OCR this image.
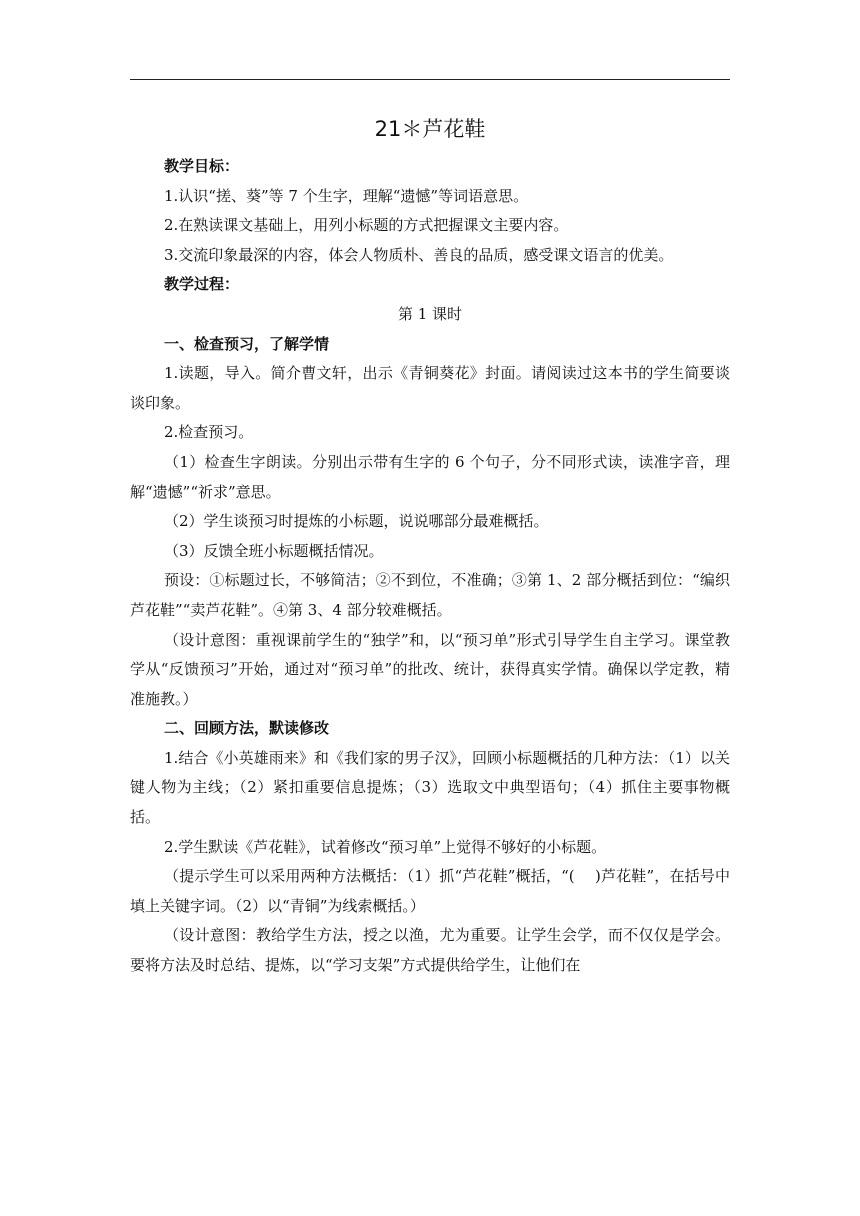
21＊芦花鞋

教学目标：

1.认识“搓、葵”等 7 个生字，理解“遗憾”等词语意思。

2.在熟读课文基础上，用列小标题的方式把握课文主要内容。

3.交流印象最深的内容，体会人物质朴、善良的品质，感受课文语言的优美。

教学过程：

第 1 课时

一、检查预习，了解学情

1.读题，导入。简介曹文轩，出示《青铜葵花》封面。请阅读过这本书的学生简要谈谈印象。

2.检查预习。

（1）检查生字朗读。分别出示带有生字的 6 个句子，分不同形式读，读准字音，理解“遗憾”“祈求”意思。

（2）学生谈预习时提炼的小标题，说说哪部分最难概括。

（3）反馈全班小标题概括情况。

预设：①标题过长，不够简洁；②不到位，不准确；③第 1、2 部分概括到位：“编织芦花鞋”“卖芦花鞋”。④第 3、4 部分较难概括。

（设计意图：重视课前学生的“独学”和，以“预习单”形式引导学生自主学习。课堂教学从“反馈预习”开始，通过对“预习单”的批改、统计，获得真实学情。确保以学定教，精准施教。）

二、回顾方法，默读修改

1.结合《小英雄雨来》和《我们家的男子汉》，回顾小标题概括的几种方法：（1）以关键人物为主线；（2）紧扣重要信息提炼；（3）选取文中典型语句；（4）抓住主要事物概括。

2.学生默读《芦花鞋》，试着修改“预习单”上觉得不够好的小标题。

（提示学生可以采用两种方法概括：（1）抓“芦花鞋”概括，“(　 )芦花鞋”，在括号中填上关键字词。（2）以“青铜”为线索概括。）

（设计意图：教给学生方法，授之以渔，尤为重要。让学生会学，而不仅仅是学会。要将方法及时总结、提炼，以“学习支架”方式提供给学生，让他们在
